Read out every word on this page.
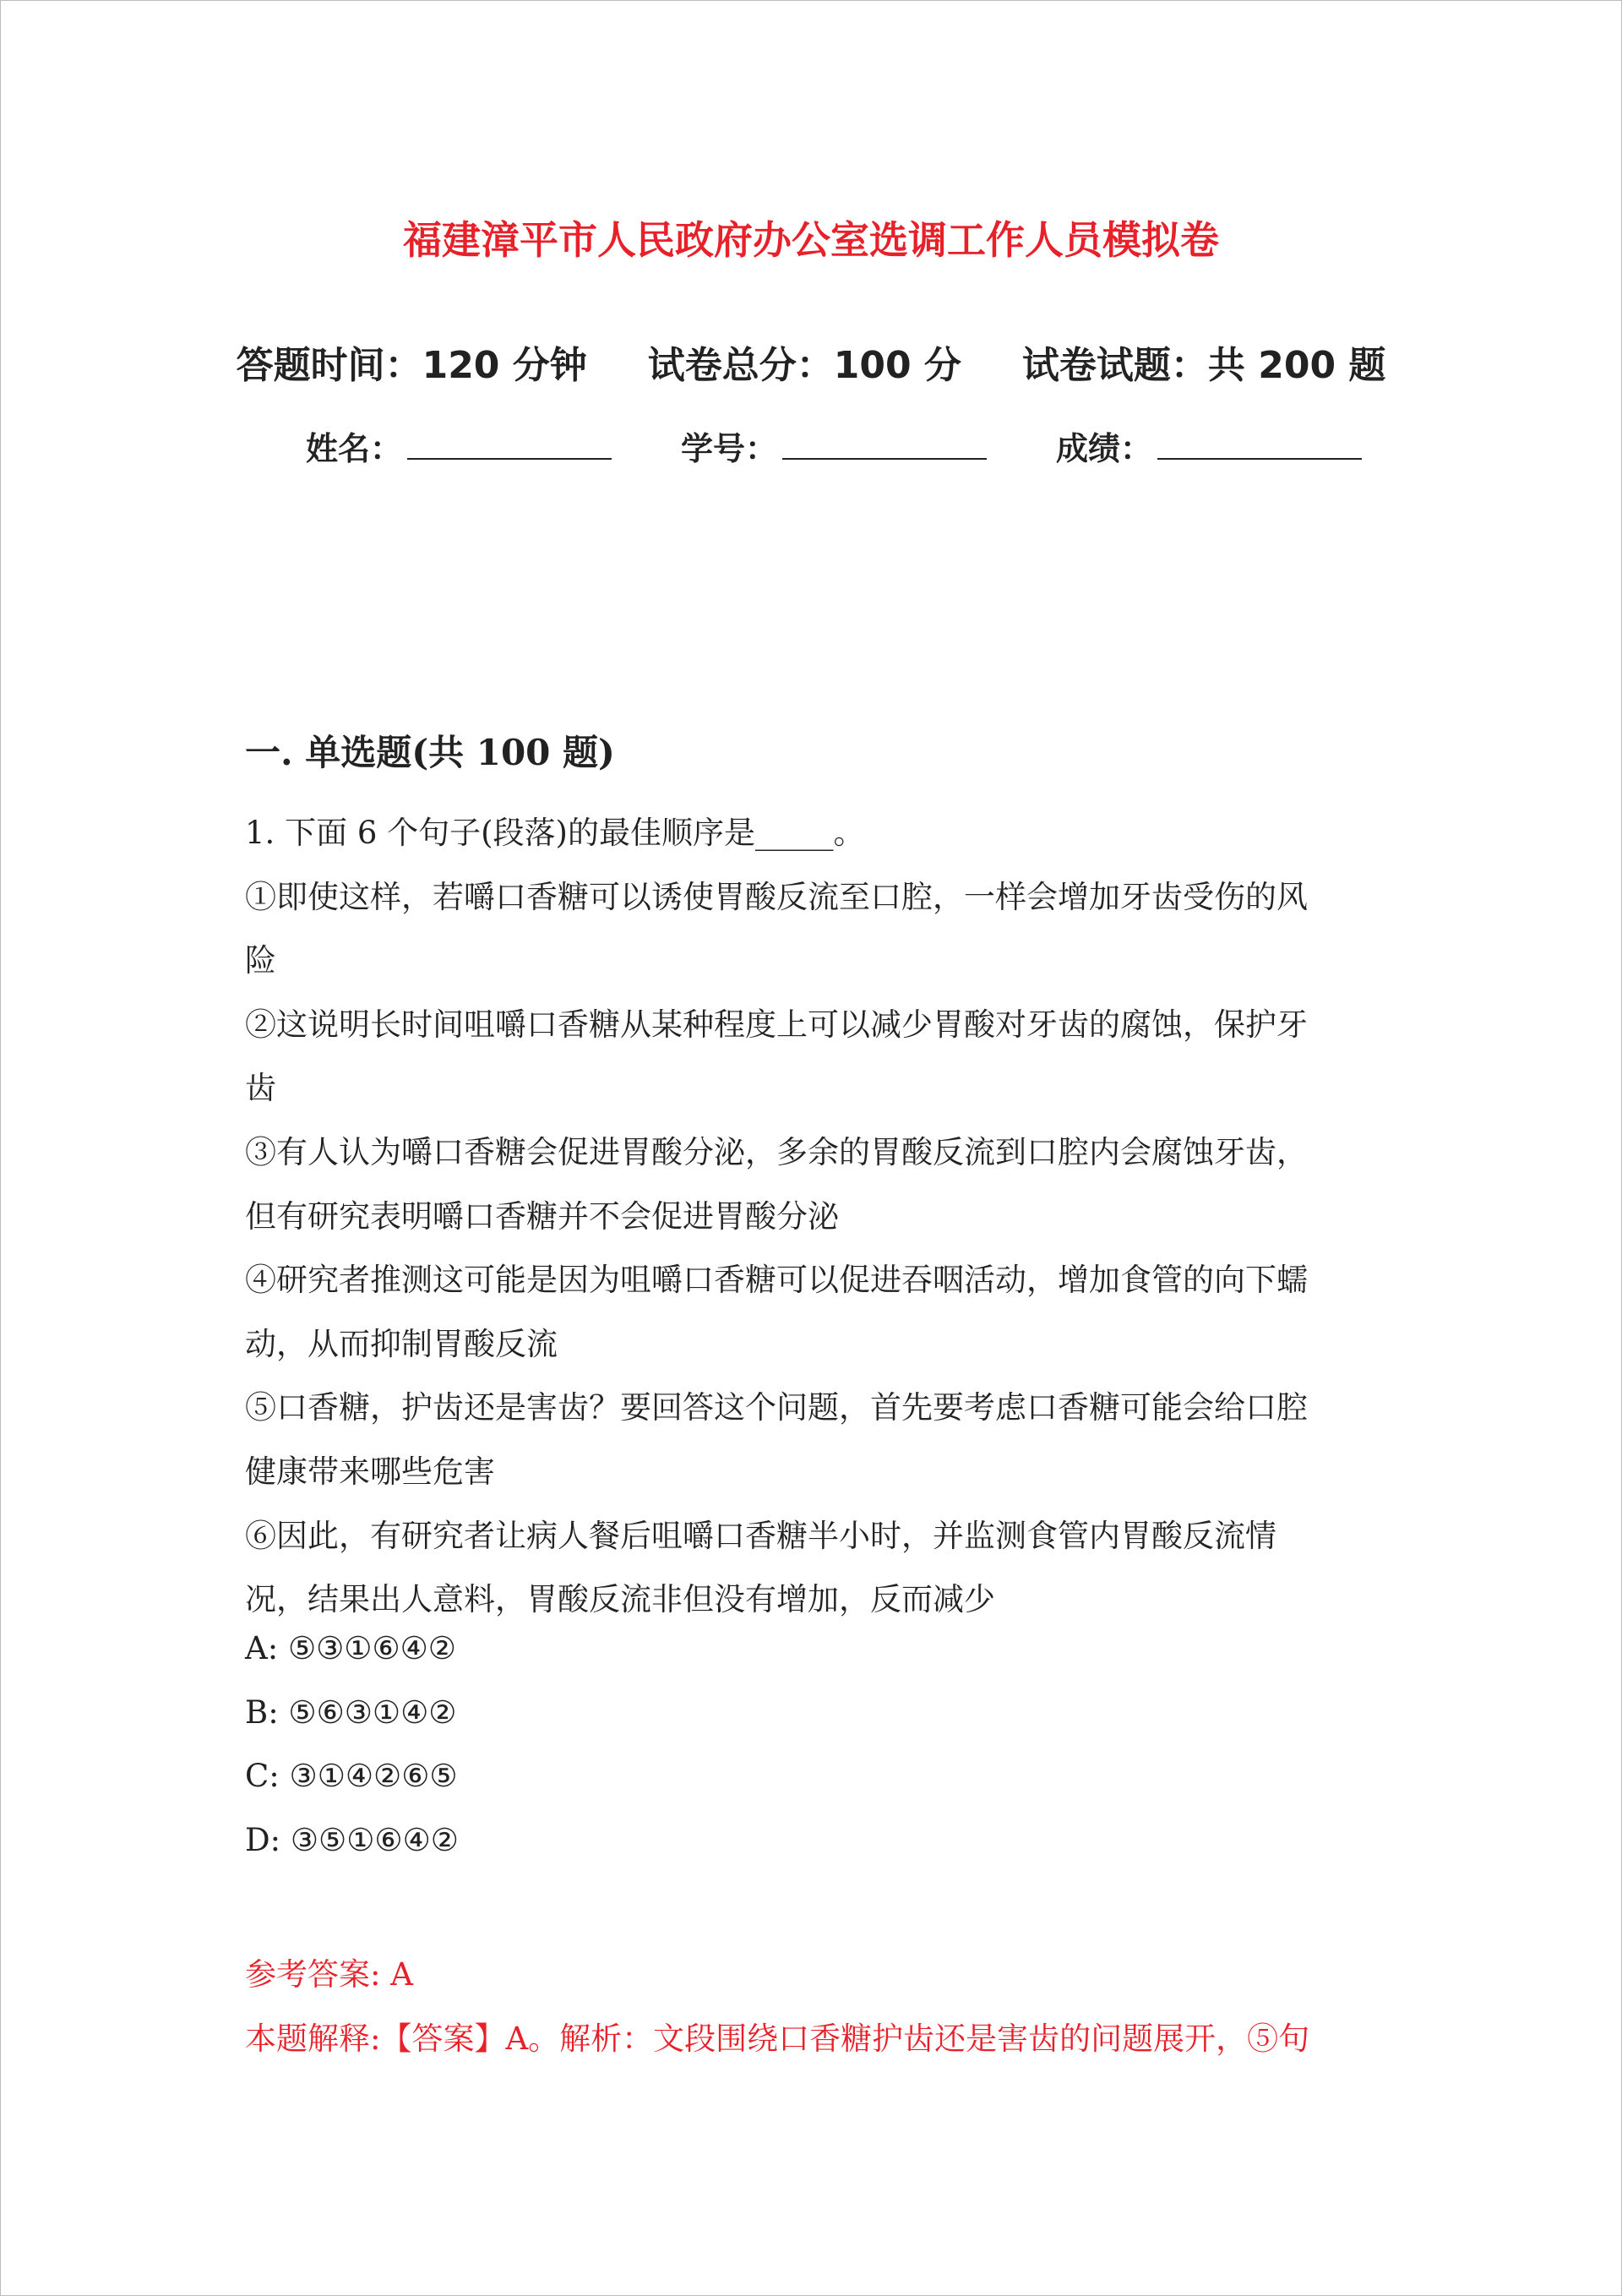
福建漳平市人民政府办公室选调工作人员模拟卷
答题时间：120 分钟 试卷总分：100 分 试卷试题：共 200 题
姓名：	学号：	成绩：
一. 单选题(共 100 题)

1. 下面 6 个句子(段落)的最佳顺序是_____。

①即使这样，若嚼口香糖可以诱使胃酸反流至口腔，一样会增加牙齿受伤的风

险

②这说明长时间咀嚼口香糖从某种程度上可以减少胃酸对牙齿的腐蚀，保护牙

齿

③有人认为嚼口香糖会促进胃酸分泌，多余的胃酸反流到口腔内会腐蚀牙齿，

但有研究表明嚼口香糖并不会促进胃酸分泌

④研究者推测这可能是因为咀嚼口香糖可以促进吞咽活动，增加食管的向下蠕

动，从而抑制胃酸反流

⑤口香糖，护齿还是害齿？要回答这个问题，首先要考虑口香糖可能会给口腔

健康带来哪些危害

⑥因此，有研究者让病人餐后咀嚼口香糖半小时，并监测食管内胃酸反流情

况，结果出人意料，胃酸反流非但没有增加，反而减少

A: ⑤③①⑥④②

B: ⑤⑥③①④②

C: ③①④②⑥⑤

D: ③⑤①⑥④②

参考答案: A

本题解释:【答案】A。解析：文段围绕口香糖护齿还是害齿的问题展开，⑤句
